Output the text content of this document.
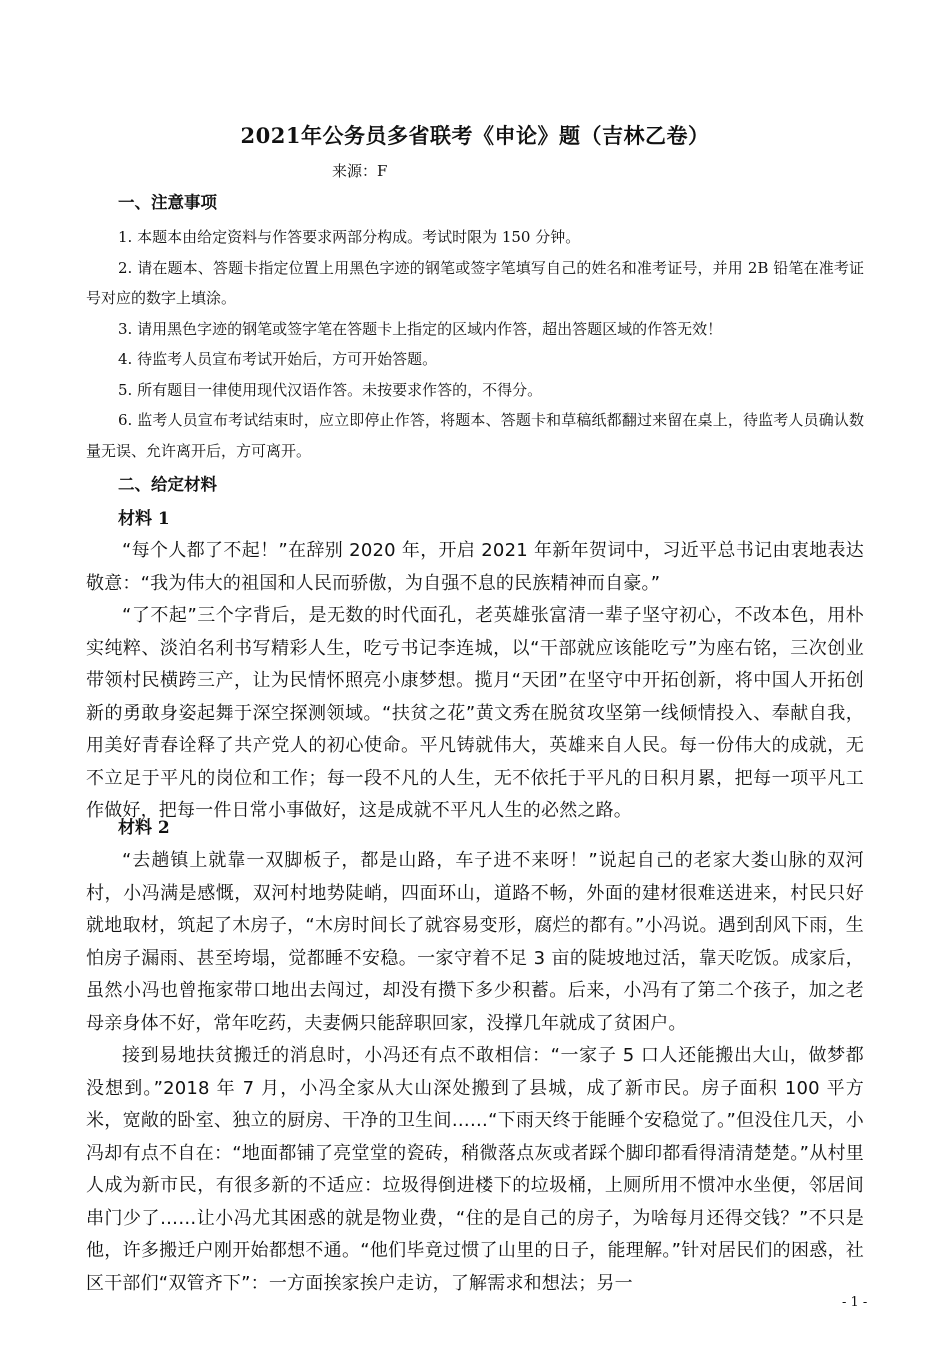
2021年公务员多省联考《申论》题（吉林乙卷）
来源：F
一、注意事项
1. 本题本由给定资料与作答要求两部分构成。考试时限为 150 分钟。
2. 请在题本、答题卡指定位置上用黑色字迹的钢笔或签字笔填写自己的姓名和准考证号，并用 2B 铅笔在准考证号对应的数字上填涂。
3. 请用黑色字迹的钢笔或签字笔在答题卡上指定的区域内作答，超出答题区域的作答无效！
4. 待监考人员宣布考试开始后，方可开始答题。
5. 所有题目一律使用现代汉语作答。未按要求作答的，不得分。
6. 监考人员宣布考试结束时，应立即停止作答，将题本、答题卡和草稿纸都翻过来留在桌上，待监考人员确认数量无误、允许离开后，方可离开。
二、给定材料
材料 1
“每个人都了不起！”在辞别 2020 年，开启 2021 年新年贺词中，习近平总书记由衷地表达敬意：“我为伟大的祖国和人民而骄傲，为自强不息的民族精神而自豪。”
“了不起”三个字背后，是无数的时代面孔，老英雄张富清一辈子坚守初心，不改本色，用朴实纯粹、淡泊名利书写精彩人生，吃亏书记李连城，以“干部就应该能吃亏”为座右铭，三次创业带领村民横跨三产，让为民情怀照亮小康梦想。揽月“天团”在坚守中开拓创新，将中国人开拓创新的勇敢身姿起舞于深空探测领域。“扶贫之花”黄文秀在脱贫攻坚第一线倾情投入、奉献自我，用美好青春诠释了共产党人的初心使命。平凡铸就伟大，英雄来自人民。每一份伟大的成就，无不立足于平凡的岗位和工作；每一段不凡的人生，无不依托于平凡的日积月累，把每一项平凡工作做好，把每一件日常小事做好，这是成就不平凡人生的必然之路。
材料 2
“去趟镇上就靠一双脚板子，都是山路，车子进不来呀！”说起自己的老家大娄山脉的双河村，小冯满是感慨，双河村地势陡峭，四面环山，道路不畅，外面的建材很难送进来，村民只好就地取材，筑起了木房子，“木房时间长了就容易变形，腐烂的都有。”小冯说。遇到刮风下雨，生怕房子漏雨、甚至垮塌，觉都睡不安稳。一家守着不足 3 亩的陡坡地过活，靠天吃饭。成家后，虽然小冯也曾拖家带口地出去闯过，却没有攒下多少积蓄。后来，小冯有了第二个孩子，加之老母亲身体不好，常年吃药，夫妻俩只能辞职回家，没撑几年就成了贫困户。
接到易地扶贫搬迁的消息时，小冯还有点不敢相信：“一家子 5 口人还能搬出大山，做梦都没想到。”2018 年 7 月，小冯全家从大山深处搬到了县城，成了新市民。房子面积 100 平方米，宽敞的卧室、独立的厨房、干净的卫生间……“下雨天终于能睡个安稳觉了。”但没住几天，小冯却有点不自在：“地面都铺了亮堂堂的瓷砖，稍微落点灰或者踩个脚印都看得清清楚楚。”从村里人成为新市民，有很多新的不适应：垃圾得倒进楼下的垃圾桶，上厕所用不惯冲水坐便，邻居间串门少了……让小冯尤其困惑的就是物业费，“住的是自己的房子，为啥每月还得交钱？”不只是他，许多搬迁户刚开始都想不通。“他们毕竟过惯了山里的日子，能理解。”针对居民们的困惑，社区干部们“双管齐下”：一方面挨家挨户走访，了解需求和想法；另一
- 1 -
